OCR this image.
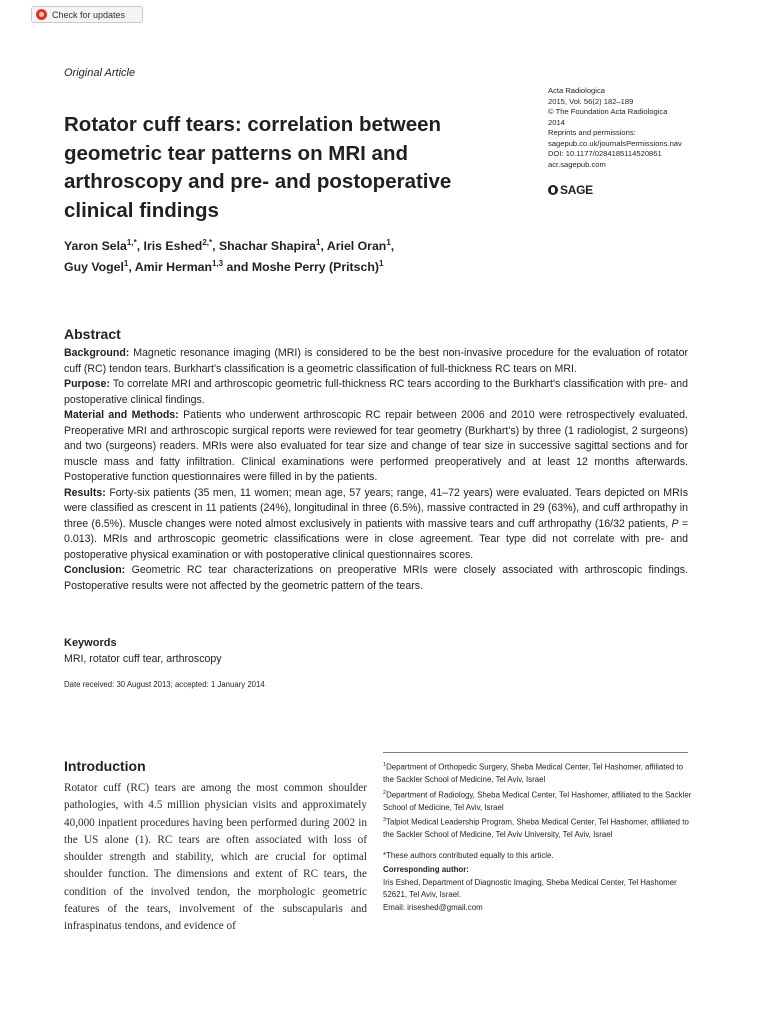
Check for updates
Original Article
Acta Radiologica
2015, Vol. 56(2) 182–189
© The Foundation Acta Radiologica
2014
Reprints and permissions:
sagepub.co.uk/journalsPermissions.nav
DOI: 10.1177/0284185114520861
acr.sagepub.com
SAGE
Rotator cuff tears: correlation between geometric tear patterns on MRI and arthroscopy and pre- and postoperative clinical findings
Yaron Sela$^{1,*}$, Iris Eshed$^{2,*}$, Shachar Shapira$^1$, Ariel Oran$^1$,
Guy Vogel$^1$, Amir Herman$^{1,3}$ and Moshe Perry (Pritsch)$^1$
Abstract

Background: Magnetic resonance imaging (MRI) is considered to be the best non-invasive procedure for the evaluation of rotator cuff (RC) tendon tears. Burkhart's classification is a geometric classification of full-thickness RC tears on MRI.

Purpose: To correlate MRI and arthroscopic geometric full-thickness RC tears according to the Burkhart's classification with pre- and postoperative clinical findings.

Material and Methods: Patients who underwent arthroscopic RC repair between 2006 and 2010 were retrospectively evaluated. Preoperative MRI and arthroscopic surgical reports were reviewed for tear geometry (Burkhart's) by three (1 radiologist, 2 surgeons) and two (surgeons) readers. MRIs were also evaluated for tear size and change of tear size in successive sagittal sections and for muscle mass and fatty infiltration. Clinical examinations were performed preoperatively and at least 12 months afterwards. Postoperative function questionnaires were filled in by the patients.

Results: Forty-six patients (35 men, 11 women; mean age, 57 years; range, 41–72 years) were evaluated. Tears depicted on MRIs were classified as crescent in 11 patients (24%), longitudinal in three (6.5%), massive contracted in 29 (63%), and cuff arthropathy in three (6.5%). Muscle changes were noted almost exclusively in patients with massive tears and cuff arthropathy (16/32 patients, P = 0.013). MRIs and arthroscopic geometric classifications were in close agreement. Tear type did not correlate with pre- and postoperative physical examination or with postoperative clinical questionnaires scores.

Conclusion: Geometric RC tear characterizations on preoperative MRIs were closely associated with arthroscopic findings. Postoperative results were not affected by the geometric pattern of the tears.

Keywords
MRI, rotator cuff tear, arthroscopy
Date received: 30 August 2013; accepted: 1 January 2014
Introduction
Rotator cuff (RC) tears are among the most common shoulder pathologies, with 4.5 million physician visits and approximately 40,000 inpatient procedures having been performed during 2002 in the US alone (1). RC tears are often associated with loss of shoulder strength and stability, which are crucial for optimal shoulder function. The dimensions and extent of RC tears, the condition of the involved tendon, the morphologic geometric features of the tears, involvement of the subscapularis and infraspinatus tendons, and evidence of

$^1$Department of Orthopedic Surgery, Sheba Medical Center, Tel Hashomer, affiliated to the Sackler School of Medicine, Tel Aviv, Israel

$^2$Department of Radiology, Sheba Medical Center, Tel Hashomer, affiliated to the Sackler School of Medicine, Tel Aviv, Israel

$^3$Talpiot Medical Leadership Program, Sheba Medical Center, Tel Hashomer, affiliated to the Sackler School of Medicine, Tel Aviv University, Tel Aviv, Israel

*These authors contributed equally to this article.

Corresponding author:

Iris Eshed, Department of Diagnostic Imaging, Sheba Medical Center, Tel Hashomer 52621, Tel Aviv, Israel.

Email: iriseshed@gmail.com
